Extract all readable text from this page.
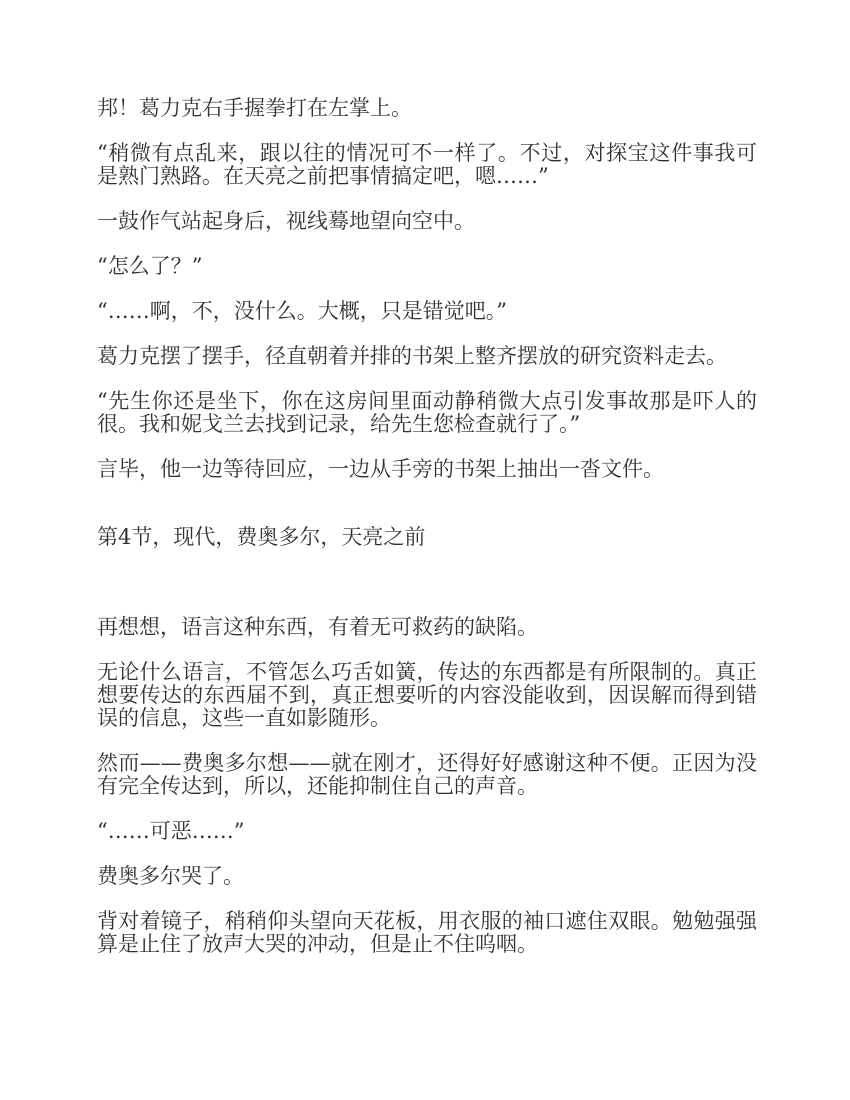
邦！葛力克右手握拳打在左掌上。

“稍微有点乱来，跟以往的情况可不一样了。不过，对探宝这件事我可是熟门熟路。在天亮之前把事情搞定吧，嗯……”

一鼓作气站起身后，视线蓦地望向空中。

“怎么了？”

“……啊，不，没什么。大概，只是错觉吧。”

葛力克摆了摆手，径直朝着并排的书架上整齐摆放的研究资料走去。

“先生你还是坐下，你在这房间里面动静稍微大点引发事故那是吓人的很。我和妮戈兰去找到记录，给先生您检查就行了。”

言毕，他一边等待回应，一边从手旁的书架上抽出一沓文件。

第4节，现代，费奥多尔，天亮之前

再想想，语言这种东西，有着无可救药的缺陷。

无论什么语言，不管怎么巧舌如簧，传达的东西都是有所限制的。真正想要传达的东西届不到，真正想要听的内容没能收到，因误解而得到错误的信息，这些一直如影随形。

然而——费奥多尔想——就在刚才，还得好好感谢这种不便。正因为没有完全传达到，所以，还能抑制住自己的声音。

“……可恶……”

费奥多尔哭了。

背对着镜子，稍稍仰头望向天花板，用衣服的袖口遮住双眼。勉勉强强算是止住了放声大哭的冲动，但是止不住呜咽。
